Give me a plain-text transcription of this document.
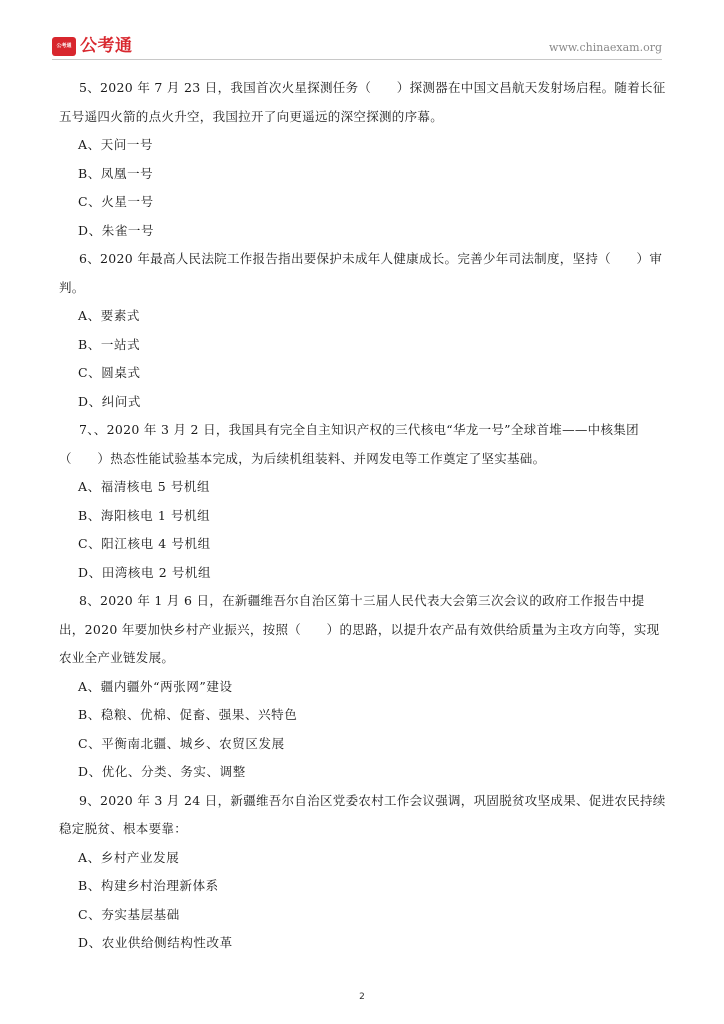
公考通 公考通	www.chinaexam.org

5、2020 年 7 月 23 日，我国首次火星探测任务（　　）探测器在中国文昌航天发射场启程。随着长征五号遥四火箭的点火升空，我国拉开了向更遥远的深空探测的序幕。

A、天问一号

B、凤凰一号

C、火星一号

D、朱雀一号

6、2020 年最高人民法院工作报告指出要保护未成年人健康成长。完善少年司法制度，坚持（　　）审判。

A、要素式

B、一站式

C、圆桌式

D、纠问式

7、、2020 年 3 月 2 日，我国具有完全自主知识产权的三代核电“华龙一号”全球首堆——中核集团（　　）热态性能试验基本完成，为后续机组装料、并网发电等工作奠定了坚实基础。

A、福清核电 5 号机组

B、海阳核电 1 号机组

C、阳江核电 4 号机组

D、田湾核电 2 号机组

8、2020 年 1 月 6 日，在新疆维吾尔自治区第十三届人民代表大会第三次会议的政府工作报告中提出，2020 年要加快乡村产业振兴，按照（　　）的思路，以提升农产品有效供给质量为主攻方向等，实现农业全产业链发展。

A、疆内疆外“两张网”建设

B、稳粮、优棉、促畜、强果、兴特色

C、平衡南北疆、城乡、农贸区发展

D、优化、分类、务实、调整

9、2020 年 3 月 24 日，新疆维吾尔自治区党委农村工作会议强调，巩固脱贫攻坚成果、促进农民持续稳定脱贫、根本要靠：

A、乡村产业发展

B、构建乡村治理新体系

C、夯实基层基础

D、农业供给侧结构性改革

2
